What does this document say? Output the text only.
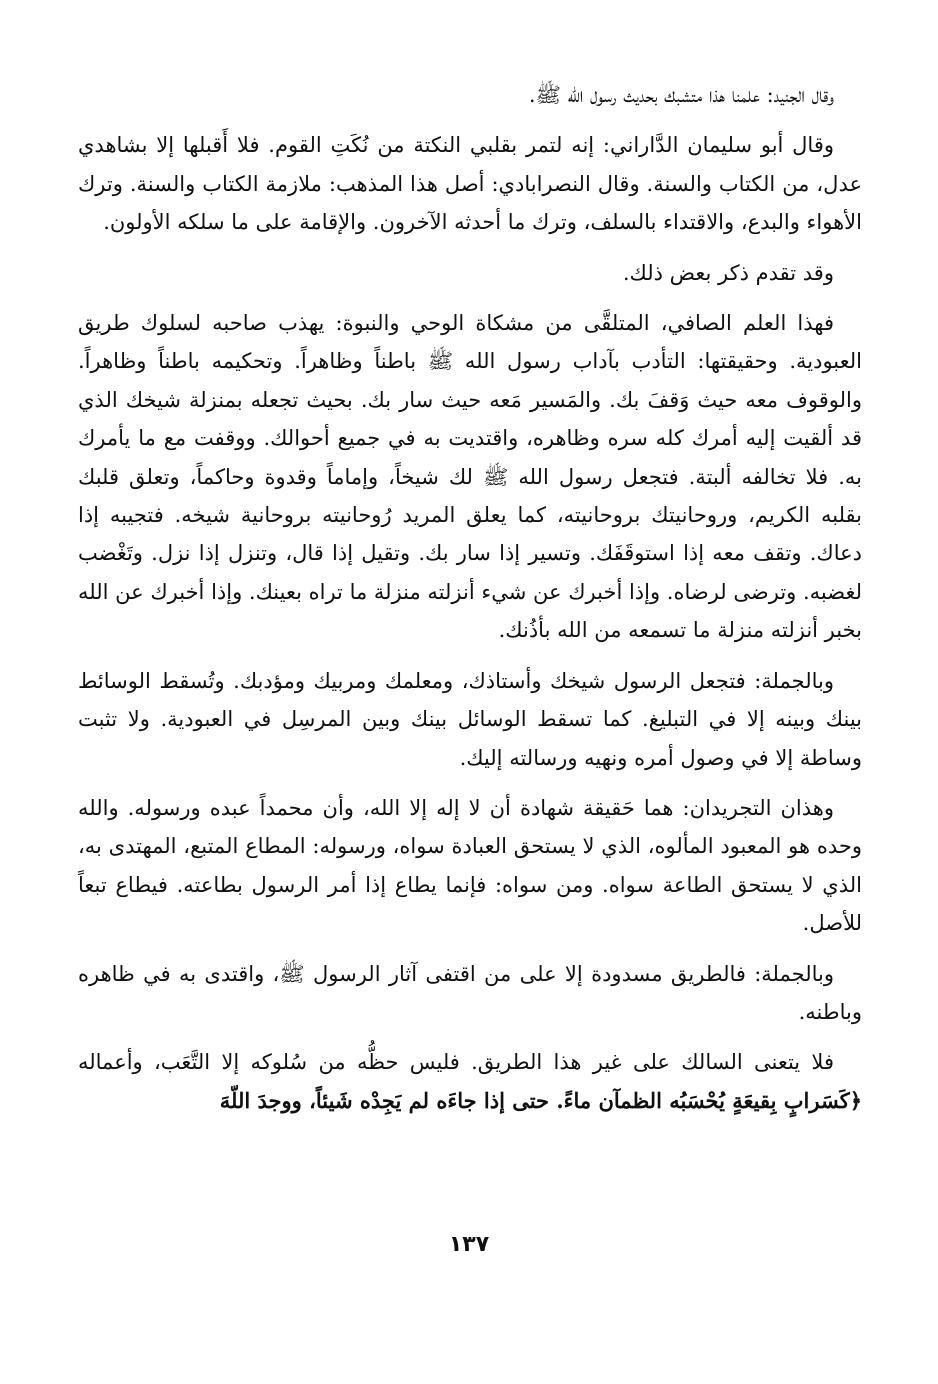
وقال الجنيد: علمنا هذا متشبك بحديث رسول الله ﷺ.

وقال أبو سليمان الدَّاراني: إنه لتمر بقلبي النكتة من نُكَتِ القوم. فلا أَقبلها إلا بشاهدي عدل، من الكتاب والسنة. وقال النصرابادي: أصل هذا المذهب: ملازمة الكتاب والسنة. وترك الأهواء والبدع، والاقتداء بالسلف، وترك ما أحدثه الآخرون. والإقامة على ما سلكه الأولون.

وقد تقدم ذكر بعض ذلك.

فهذا العلم الصافي، المتلقَّى من مشكاة الوحي والنبوة: يهذب صاحبه لسلوك طريق العبودية. وحقيقتها: التأدب بآداب رسول الله ﷺ باطناً وظاهراً. وتحكيمه باطناً وظاهراً. والوقوف معه حيث وَقفَ بك. والمَسير مَعه حيث سار بك. بحيث تجعله بمنزلة شيخك الذي قد ألقيت إليه أمرك كله سره وظاهره، واقتديت به في جميع أحوالك. ووقفت مع ما يأمرك به. فلا تخالفه ألبتة. فتجعل رسول الله ﷺ لك شيخاً، وإماماً وقدوة وحاكماً، وتعلق قلبك بقلبه الكريم، وروحانيتك بروحانيته، كما يعلق المريد رُوحانيته بروحانية شيخه. فتجيبه إذا دعاك. وتقف معه إذا استوقَفَك. وتسير إذا سار بك. وتقيل إذا قال، وتنزل إذا نزل. وتَغْضب لغضبه. وترضى لرضاه. وإذا أخبرك عن شيء أنزلته منزلة ما تراه بعينك. وإذا أخبرك عن الله بخبر أنزلته منزلة ما تسمعه من الله بأذُنك.

وبالجملة: فتجعل الرسول شيخك وأستاذك، ومعلمك ومربيك ومؤدبك. وتُسقط الوسائط بينك وبينه إلا في التبليغ. كما تسقط الوسائل بينك وبين المرسِل في العبودية. ولا تثبت وساطة إلا في وصول أمره ونهيه ورسالته إليك.

وهذان التجريدان: هما حَقيقة شهادة أن لا إله إلا الله، وأن محمداً عبده ورسوله. والله وحده هو المعبود المألوه، الذي لا يستحق العبادة سواه، ورسوله: المطاع المتبع، المهتدى به، الذي لا يستحق الطاعة سواه. ومن سواه: فإنما يطاع إذا أمر الرسول بطاعته. فيطاع تبعاً للأصل.

وبالجملة: فالطريق مسدودة إلا على من اقتفى آثار الرسول ﷺ، واقتدى به في ظاهره وباطنه.

فلا يتعنى السالك على غير هذا الطريق. فليس حظُّه من سُلوكه إلا التَّعَب، وأعماله ﴿كَسَرابٍ بِقيعَةٍ يُحْسَبُه الظمآن ماءً. حتى إذا جاءَه لم يَجِدْه شَيئاً، ووجدَ اللّهَ

١٣٧
